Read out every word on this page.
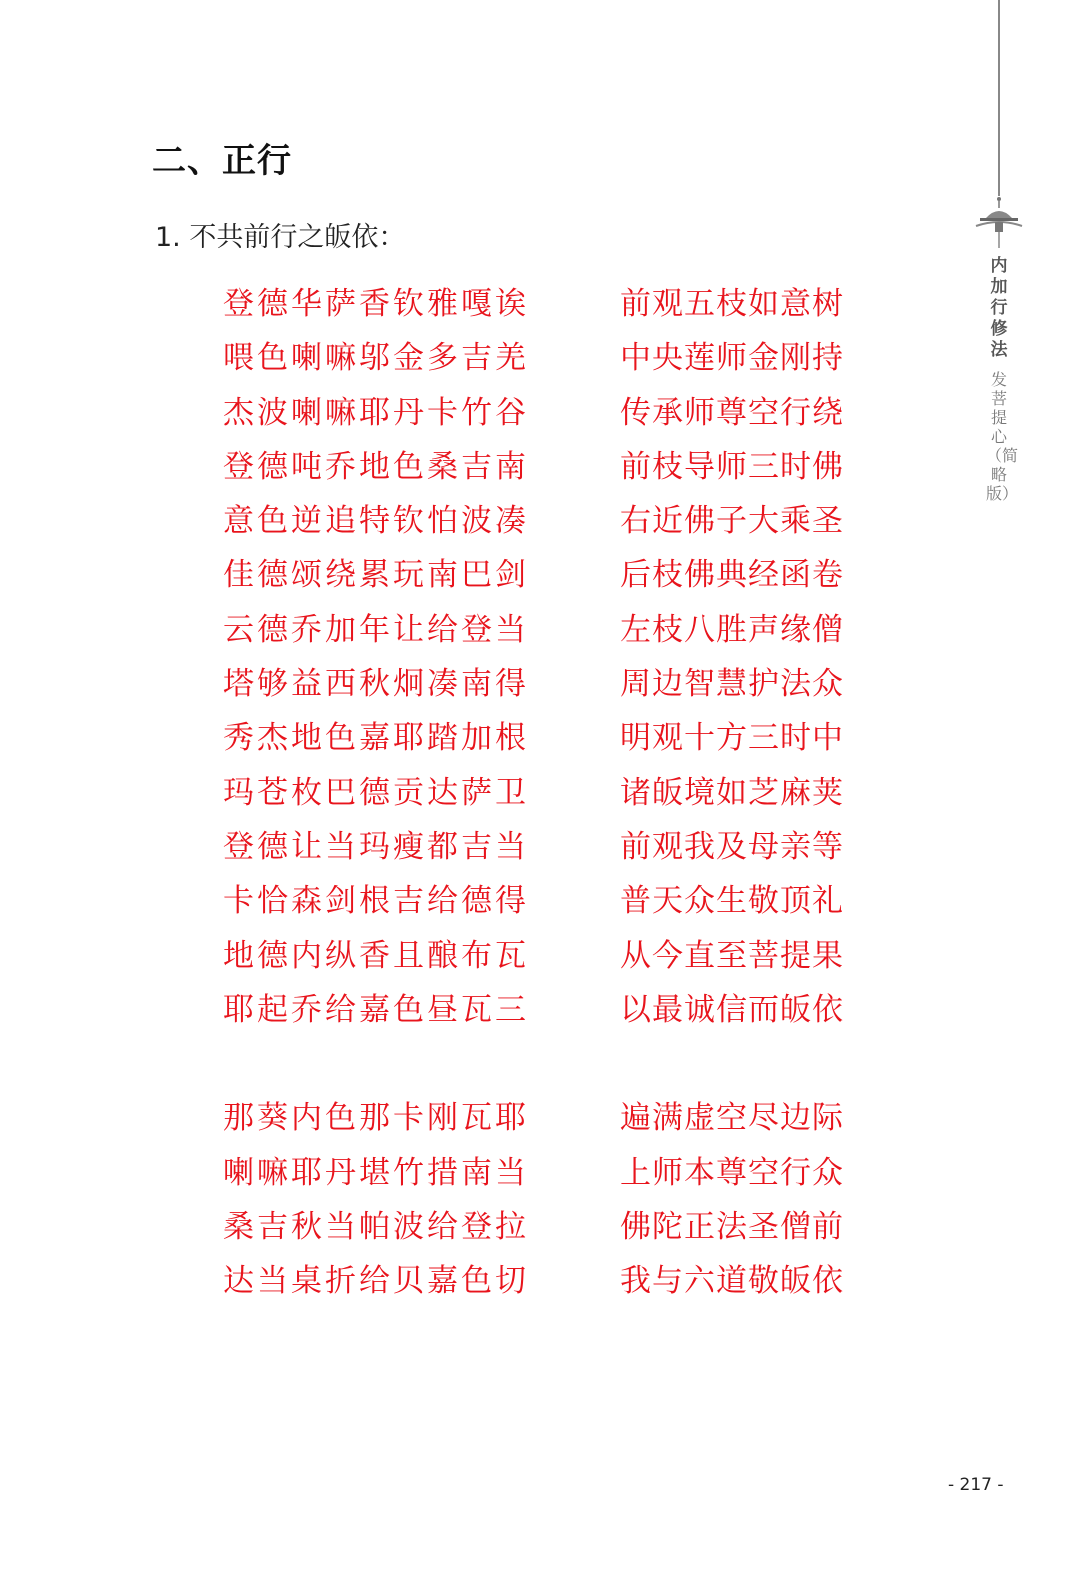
二、正行
1. 不共前行之皈依：
登德华萨香钦雅嘎诶
喂色喇嘛邬金多吉羌
杰波喇嘛耶丹卡竹谷
登德吨乔地色桑吉南
意色逆追特钦怕波凑
佳德颂绕累玩南巴剑
云德乔加年让给登当
塔够益西秋炯凑南得
秀杰地色嘉耶踏加根
玛苍枚巴德贡达萨卫
登德让当玛瘦都吉当
卡恰森剑根吉给德得
地德内纵香且酿布瓦
耶起乔给嘉色昼瓦三
那葵内色那卡刚瓦耶
喇嘛耶丹堪竹措南当
桑吉秋当帕波给登拉
达当桌折给贝嘉色切
前观五枝如意树
中央莲师金刚持
传承师尊空行绕
前枝导师三时佛
右近佛子大乘圣
后枝佛典经函卷
左枝八胜声缘僧
周边智慧护法众
明观十方三时中
诸皈境如芝麻荚
前观我及母亲等
普天众生敬顶礼
从今直至菩提果
以最诚信而皈依
遍满虚空尽边际
上师本尊空行众
佛陀正法圣僧前
我与六道敬皈依
内加行修法
发菩提心（简略版）
- 217 -
